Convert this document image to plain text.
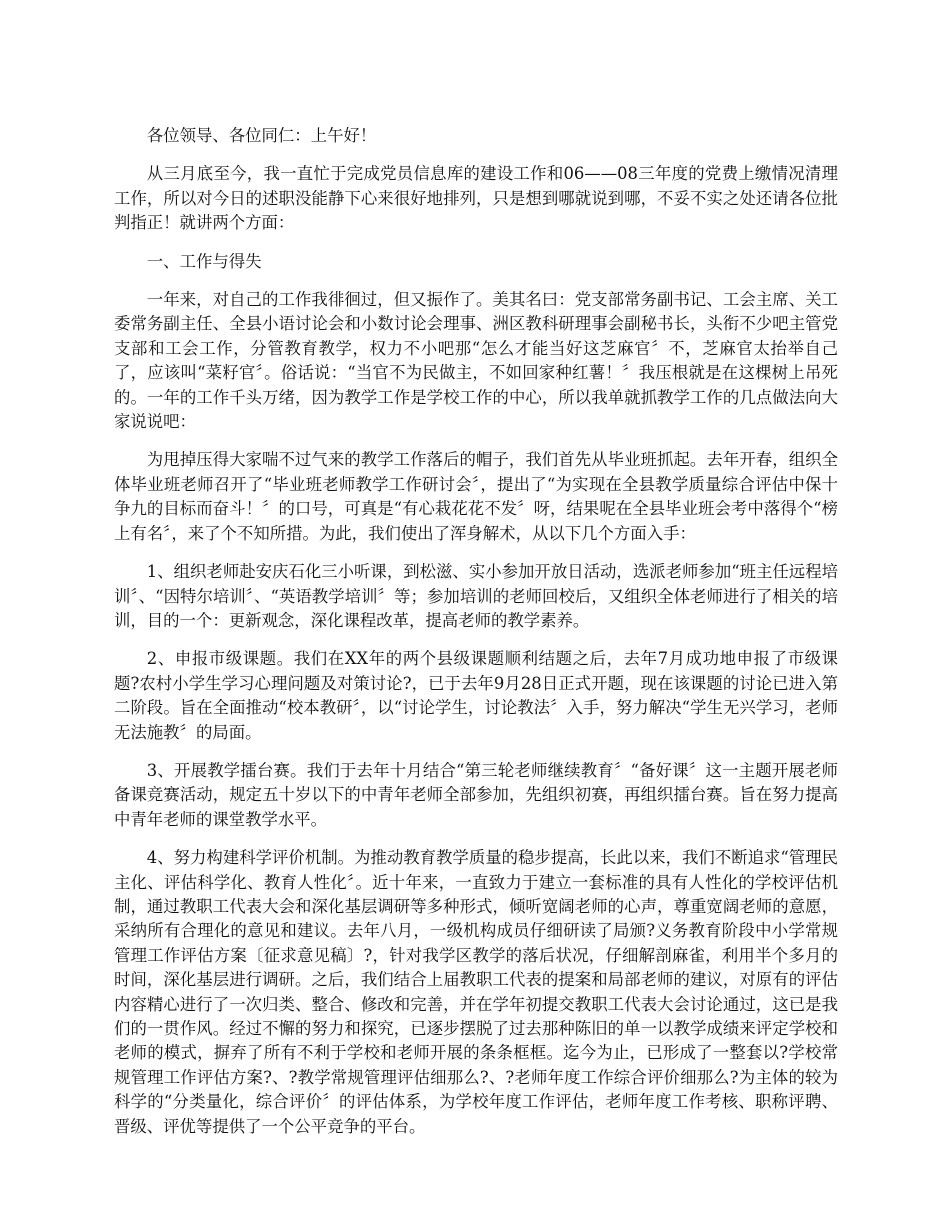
各位领导、各位同仁：上午好！

从三月底至今，我一直忙于完成党员信息库的建设工作和06——08三年度的党费上缴情况清理工作，所以对今日的述职没能静下心来很好地排列，只是想到哪就说到哪，不妥不实之处还请各位批判指正！就讲两个方面：

一、工作与得失

一年来，对自己的工作我徘徊过，但又振作了。美其名曰：党支部常务副书记、工会主席、关工委常务副主任、全县小语讨论会和小数讨论会理事、洲区教科研理事会副秘书长，头衔不少吧主管党支部和工会工作，分管教育教学，权力不小吧那“怎么才能当好这芝麻官〞不，芝麻官太抬举自己了，应该叫“菜籽官〞。俗话说：“当官不为民做主，不如回家种红薯！〞我压根就是在这棵树上吊死的。一年的工作千头万绪，因为教学工作是学校工作的中心，所以我单就抓教学工作的几点做法向大家说说吧：

为甩掉压得大家喘不过气来的教学工作落后的帽子，我们首先从毕业班抓起。去年开春，组织全体毕业班老师召开了“毕业班老师教学工作研讨会〞，提出了“为实现在全县教学质量综合评估中保十争九的目标而奋斗！〞的口号，可真是“有心栽花花不发〞呀，结果呢在全县毕业班会考中落得个“榜上有名〞，来了个不知所措。为此，我们使出了浑身解术，从以下几个方面入手：

1、组织老师赴安庆石化三小听课，到松滋、实小参加开放日活动，选派老师参加“班主任远程培训〞、“因特尔培训〞、“英语教学培训〞等；参加培训的老师回校后，又组织全体老师进行了相关的培训，目的一个：更新观念，深化课程改革，提高老师的教学素养。

2、申报市级课题。我们在XX年的两个县级课题顺利结题之后，去年7月成功地申报了市级课题?农村小学生学习心理问题及对策讨论?，已于去年9月28日正式开题，现在该课题的讨论已进入第二阶段。旨在全面推动“校本教研〞，以“讨论学生，讨论教法〞入手，努力解决“学生无兴学习，老师无法施教〞的局面。

3、开展教学擂台赛。我们于去年十月结合“第三轮老师继续教育〞“备好课〞这一主题开展老师备课竞赛活动，规定五十岁以下的中青年老师全部参加，先组织初赛，再组织擂台赛。旨在努力提高中青年老师的课堂教学水平。

4、努力构建科学评价机制。为推动教育教学质量的稳步提高，长此以来，我们不断追求“管理民主化、评估科学化、教育人性化〞。近十年来，一直致力于建立一套标准的具有人性化的学校评估机制，通过教职工代表大会和深化基层调研等多种形式，倾听宽阔老师的心声，尊重宽阔老师的意愿，采纳所有合理化的意见和建议。去年八月，一级机构成员仔细研读了局颁?义务教育阶段中小学常规管理工作评估方案〔征求意见稿〕?，针对我学区教学的落后状况，仔细解剖麻雀，利用半个多月的时间，深化基层进行调研。之后，我们结合上届教职工代表的提案和局部老师的建议，对原有的评估内容精心进行了一次归类、整合、修改和完善，并在学年初提交教职工代表大会讨论通过，这已是我们的一贯作风。经过不懈的努力和探究，已逐步摆脱了过去那种陈旧的单一以教学成绩来评定学校和老师的模式，摒弃了所有不利于学校和老师开展的条条框框。迄今为止，已形成了一整套以?学校常规管理工作评估方案?、?教学常规管理评估细那么?、?老师年度工作综合评价细那么?为主体的较为科学的“分类量化，综合评价〞的评估体系，为学校年度工作评估，老师年度工作考核、职称评聘、晋级、评优等提供了一个公平竞争的平台。
